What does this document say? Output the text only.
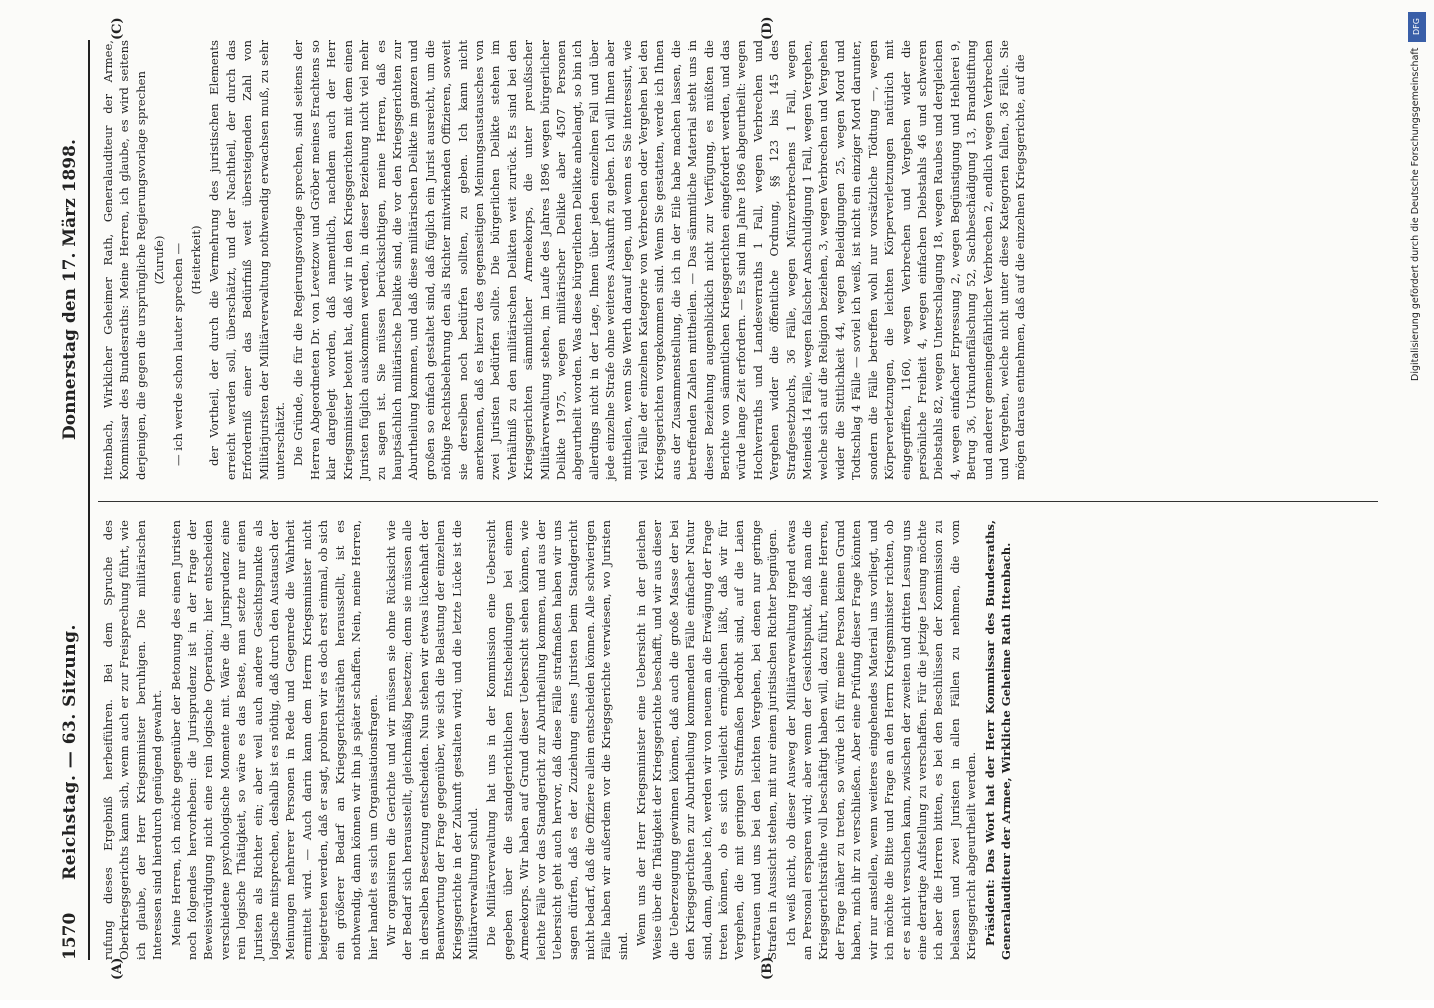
1570
Reichstag. — 63. Sitzung.
Donnerstag den 17. März 1898.
(A)	(B)
(C)	(D)

rufung dieses Ergebniß herbeiführen. Bei dem Spruche des Oberkriegsgerichts kann sich, wenn auch er zur Freisprechung führt, wie ich glaube, der Herr Kriegsminister beruhigen. Die militärischen Interessen sind hierdurch genügend gewahrt. Meine Herren, ich möchte gegenüber der Betonung des einen Juristen noch folgendes hervorheben: die Jurisprudenz ist in der Frage der Beweiswürdigung nicht eine rein logische Operation; hier entscheiden verschiedene psychologische Momente mit. Wäre die Jurisprudenz eine rein logische Thätigkeit, so wäre es das Beste, man setzte nur einen Juristen als Richter ein; aber weil auch andere Gesichtspunkte als logische mitsprechen, deshalb ist es nöthig, daß durch den Austausch der Meinungen mehrerer Personen in Rede und Gegenrede die Wahrheit ermittelt wird. — Auch darin kann dem Herrn Kriegsminister nicht beigetreten werden, daß er sagt, probiren wir es doch erst einmal, ob sich ein größerer Bedarf an Kriegsgerichtsräthen herausstellt, ist es nothwendig, dann können wir ihn ja später schaffen. Nein, meine Herren, hier handelt es sich um Organisationsfragen. Wir organisiren die Gerichte und wir müssen sie ohne Rücksicht wie der Bedarf sich herausstellt, gleichmäßig besetzen; denn sie müssen alle in derselben Besetzung entscheiden. Nun stehen wir etwas lückenhaft der Beantwortung der Frage gegenüber, wie sich die Belastung der einzelnen Kriegsgerichte in der Zukunft gestalten wird; und die letzte Lücke ist die Militärverwaltung schuld. Die Militärverwaltung hat uns in der Kommission eine Uebersicht gegeben über die standgerichtlichen Entscheidungen bei einem Armeekorps. Wir haben auf Grund dieser Uebersicht sehen können, wie leichte Fälle vor das Standgericht zur Aburtheilung kommen, und aus der Uebersicht geht auch hervor, daß diese Fälle strafmaßen haben wir uns sagen dürfen, daß es der Zuziehung eines Juristen beim Standgericht nicht bedarf, daß die Offiziere allein entscheiden können. Alle schwierigen Fälle haben wir außerdem vor die Kriegsgerichte verwiesen, wo Juristen sind. Wenn uns der Herr Kriegsminister eine Uebersicht in der gleichen Weise über die Thätigkeit der Kriegsgerichte beschafft, und wir aus dieser die Ueberzeugung gewinnen können, daß auch die große Masse der bei den Kriegsgerichten zur Aburtheilung kommenden Fälle einfacher Natur sind, dann, glaube ich, werden wir von neuem an die Erwägung der Frage treten können, ob es sich vielleicht ermöglichen läßt, daß wir für Vergehen, die mit geringen Strafmaßen bedroht sind, auf die Laien vertrauen und uns bei den leichten Vergehen, bei denen nur geringe Strafen in Aussicht stehen, mit nur einem juristischen Richter begnügen. Ich weiß nicht, ob dieser Ausweg der Militärverwaltung irgend etwas an Personal ersparen wird; aber wenn der Gesichtspunkt, daß man die Kriegsgerichtsräthe voll beschäftigt haben will, dazu führt, meine Herren, der Frage näher zu treten, so würde ich für meine Person keinen Grund haben, mich ihr zu verschließen. Aber eine Prüfung dieser Frage könnten wir nur anstellen, wenn weiteres eingehendes Material uns vorliegt, und ich möchte die Bitte und Frage an den Herrn Kriegsminister richten, ob er es nicht versuchen kann, zwischen der zweiten und dritten Lesung uns eine derartige Aufstellung zu verschaffen. Für die jetzige Lesung möchte ich aber die Herren bitten, es bei den Beschlüssen der Kommission zu belassen und zwei Juristen in allen Fällen zu nehmen, die vom Kriegsgericht abgeurtheilt werden. Präsident: Das Wort hat der Herr Kommissar des Bundesraths, Generalauditeur der Armee, Wirkliche Geheime Rath Ittenbach.

Ittenbach, Wirklicher Geheimer Rath, Generalauditeur der Armee, Kommissar des Bundesraths: Meine Herren, ich glaube, es wird seitens derjenigen, die gegen die ursprüngliche Regierungsvorlage sprechen (Zurufe) — ich werde schon lauter sprechen — (Heiterkeit) der Vortheil, der durch die Vermehrung des juristischen Elements erreicht werden soll, überschätzt, und der Nachtheil, der durch das Erforderniß einer das Bedürfniß weit übersteigenden Zahl von Militärjuristen der Militärverwaltung nothwendig erwachsen muß, zu sehr unterschätzt. Die Gründe, die für die Regierungsvorlage sprechen, sind seitens der Herren Abgeordneten Dr. von Levetzow und Gröber meines Erachtens so klar dargelegt worden, daß namentlich, nachdem auch der Herr Kriegsminister betont hat, daß wir in den Kriegsgerichten mit dem einen Juristen füglich auskommen werden, in dieser Beziehung nicht viel mehr zu sagen ist. Sie müssen berücksichtigen, meine Herren, daß es hauptsächlich militärische Delikte sind, die vor den Kriegsgerichten zur Aburtheilung kommen, und daß diese militärischen Delikte im ganzen und großen so einfach gestaltet sind, daß füglich ein Jurist ausreicht, um die nöthige Rechtsbelehrung den als Richter mitwirkenden Offizieren, soweit sie derselben noch bedürfen sollten, zu geben. Ich kann nicht anerkennen, daß es hierzu des gegenseitigen Meinungsaustausches von zwei Juristen bedürfen sollte. Die bürgerlichen Delikte stehen im Verhältniß zu den militärischen Delikten weit zurück. Es sind bei den Kriegsgerichten sämmtlicher Armeekorps, die unter preußischer Militärverwaltung stehen, im Laufe des Jahres 1896 wegen bürgerlicher Delikte 1975, wegen militärischer Delikte aber 4507 Personen abgeurtheilt worden. Was diese bürgerlichen Delikte anbelangt, so bin ich allerdings nicht in der Lage, Ihnen über jeden einzelnen Fall und über jede einzelne Strafe ohne weiteres Auskunft zu geben. Ich will Ihnen aber mittheilen, wenn Sie Werth darauf legen, und wenn es Sie interessirt, wie viel Fälle der einzelnen Kategorie von Verbrechen oder Vergehen bei den Kriegsgerichten vorgekommen sind. Wenn Sie gestatten, werde ich Ihnen aus der Zusammenstellung, die ich in der Eile habe machen lassen, die betreffenden Zahlen mittheilen. — Das sämmtliche Material steht uns in dieser Beziehung augenblicklich nicht zur Verfügung, es müßten die Berichte von sämmtlichen Kriegsgerichten eingefordert werden, und das würde lange Zeit erfordern. — Es sind im Jahre 1896 abgeurtheilt: wegen Hochverraths und Landesverraths 1 Fall, wegen Verbrechen und Vergehen wider die öffentliche Ordnung, §§ 123 bis 145 des Strafgesetzbuchs, 36 Fälle, wegen Münzverbrechens 1 Fall, wegen Meineids 14 Fälle, wegen falscher Anschuldigung 1 Fall, wegen Vergehen, welche sich auf die Religion beziehen, 3, wegen Verbrechen und Vergehen wider die Sittlichkeit 44, wegen Beleidigungen 25, wegen Mord und Todtschlag 4 Fälle — soviel ich weiß, ist nicht ein einziger Mord darunter, sondern die Fälle betreffen wohl nur vorsätzliche Tödtung —, wegen Körperverletzungen, die leichten Körperverletzungen natürlich mit eingegriffen, 1160, wegen Verbrechen und Vergehen wider die persönliche Freiheit 4, wegen einfachen Diebstahls 46 und schweren Diebstahls 82, wegen Unterschlagung 18, wegen Raubes und dergleichen 4, wegen einfacher Erpressung 2, wegen Begünstigung und Hehlerei 9, Betrug 36, Urkundenfälschung 52, Sachbeschädigung 13, Brandstiftung und anderer gemeingefährlicher Verbrechen 2, endlich wegen Verbrechen und Vergehen, welche nicht unter diese Kategorien fallen, 36 Fälle. Sie mögen daraus entnehmen, daß auf die einzelnen Kriegsgerichte, auf die

DFG
Digitalisierung gefördert durch die Deutsche Forschungsgemeinschaft
